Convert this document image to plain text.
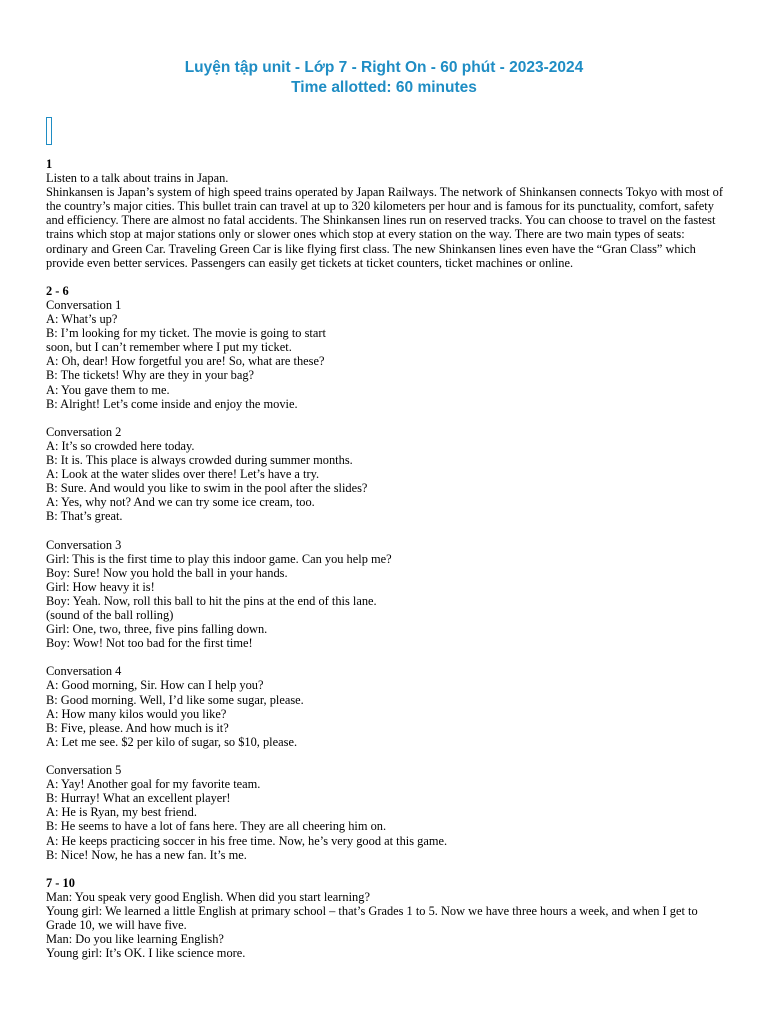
Luyện tập unit - Lớp 7 - Right On - 60 phút - 2023-2024
Time allotted: 60 minutes
1
Listen to a talk about trains in Japan.
Shinkansen is Japan’s system of high speed trains operated by Japan Railways. The network of Shinkansen connects Tokyo with most of the country’s major cities. This bullet train can travel at up to 320 kilometers per hour and is famous for its punctuality, comfort, safety and efficiency. There are almost no fatal accidents. The Shinkansen lines run on reserved tracks. You can choose to travel on the fastest trains which stop at major stations only or slower ones which stop at every station on the way. There are two main types of seats: ordinary and Green Car. Traveling Green Car is like flying first class. The new Shinkansen lines even have the “Gran Class” which provide even better services. Passengers can easily get tickets at ticket counters, ticket machines or online.
2 - 6
Conversation 1
A: What’s up?
B: I’m looking for my ticket. The movie is going to start
soon, but I can’t remember where I put my ticket.
A: Oh, dear! How forgetful you are! So, what are these?
B: The tickets! Why are they in your bag?
A: You gave them to me.
B: Alright! Let’s come inside and enjoy the movie.
Conversation 2
A: It’s so crowded here today.
B: It is. This place is always crowded during summer months.
A: Look at the water slides over there! Let’s have a try.
B: Sure. And would you like to swim in the pool after the slides?
A: Yes, why not? And we can try some ice cream, too.
B: That’s great.
Conversation 3
Girl: This is the first time to play this indoor game. Can you help me?
Boy: Sure! Now you hold the ball in your hands.
Girl: How heavy it is!
Boy: Yeah. Now, roll this ball to hit the pins at the end of this lane.
(sound of the ball rolling)
Girl: One, two, three, five pins falling down.
Boy: Wow! Not too bad for the first time!
Conversation 4
A: Good morning, Sir. How can I help you?
B: Good morning. Well, I’d like some sugar, please.
A: How many kilos would you like?
B: Five, please. And how much is it?
A: Let me see. $2 per kilo of sugar, so $10, please.
Conversation 5
A: Yay! Another goal for my favorite team.
B: Hurray! What an excellent player!
A: He is Ryan, my best friend.
B: He seems to have a lot of fans here. They are all cheering him on.
A: He keeps practicing soccer in his free time. Now, he’s very good at this game.
B: Nice! Now, he has a new fan. It’s me.
7 - 10
Man: You speak very good English. When did you start learning?
Young girl: We learned a little English at primary school – that’s Grades 1 to 5. Now we have three hours a week, and when I get to Grade 10, we will have five.
Man: Do you like learning English?
Young girl: It’s OK. I like science more.
